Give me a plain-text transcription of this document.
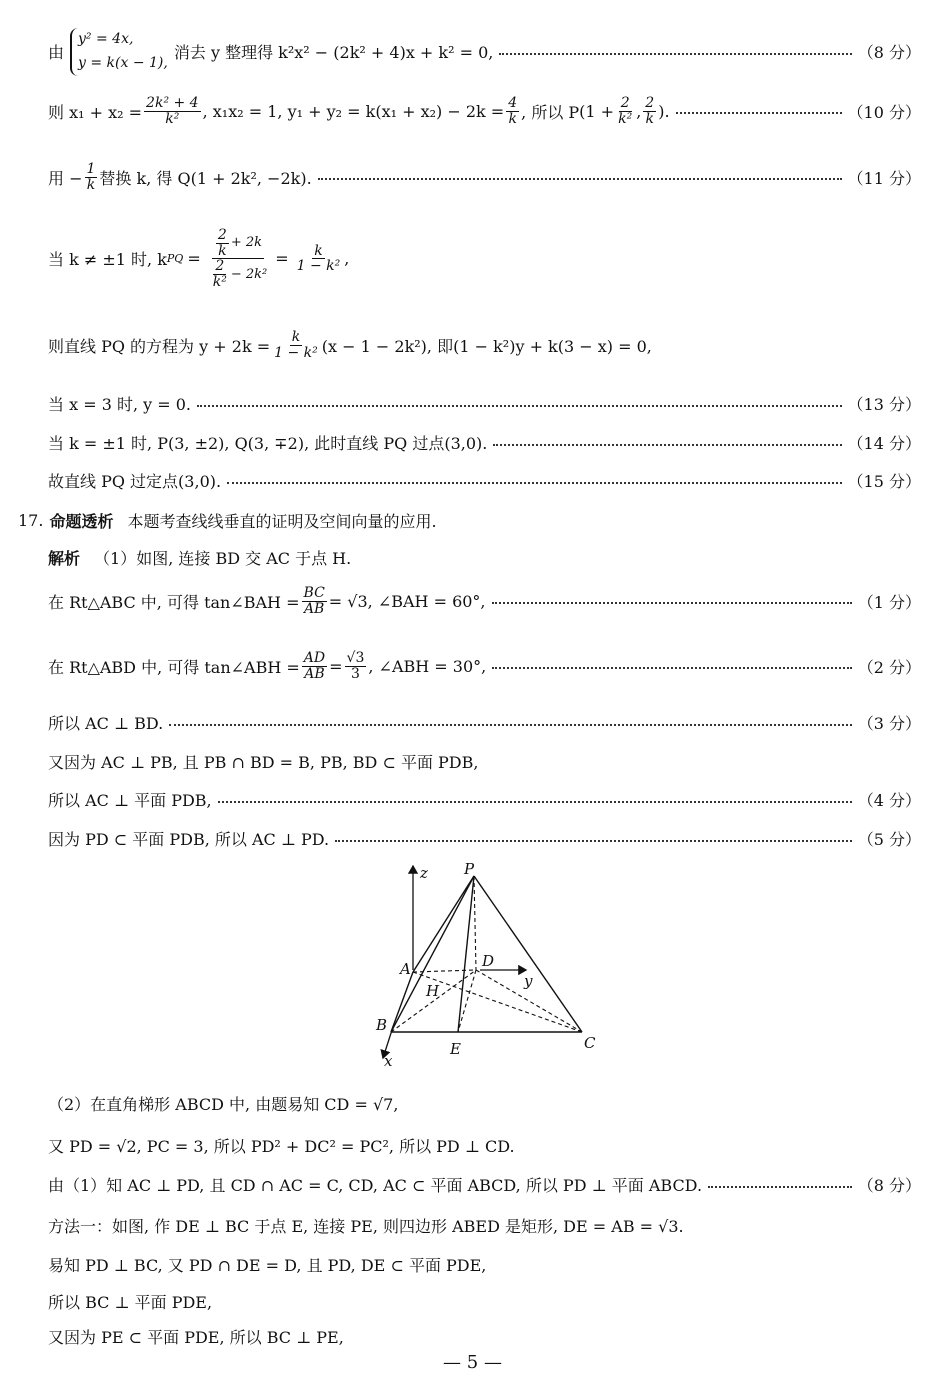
由
y² = 4x,
y = k(x − 1),
消去 y 整理得 k²x² − (2k² + 4)x + k² = 0,	（8 分）
则 $x_1 + x_2 = \frac{\text{2k² + 4}}{\text{k²}}$ , x₁x₂ = 1, $y_1 + y_2 = k(x_1 + x_2) - 2k = \frac{4}{k}$ , 所以 P ($1 + \frac{2}{\text{k²}}$ , $\frac{2}{k}$ ).	（10 分）
用 − $\frac{1}{k}$ 替换 k, 得 Q(1 + 2k², −2k).	（11 分）
当 k ≠ ±1 时, k PQ = $\frac{\frac{2}{k} + 2k}{\frac{2}{\text{k²}} - 2k^2} = \frac{k}{\text{1 − k²}}$ ,
则直线 PQ 的方程为 $y + 2k = \frac{k}{\text{1 − k²}} (x - 1 - 2k^2)$, 即(1 − k²)y + k(3 − x) = 0,
当 x = 3 时, y = 0.	（13 分）
当 k = ±1 时, P(3, ±2), Q(3, ∓2), 此时直线 PQ 过点(3,0).	（14 分）
故直线 PQ 过定点(3,0).	（15 分）
17. 命题透析 本题考查线线垂直的证明及空间向量的应用.
解析 （1）如图, 连接 BD 交 AC 于点 H.
在 Rt△ABC 中, 可得 tan∠BAH = $\frac{BC}{AB} = √3$, ∠BAH = 60°,	（1 分）
在 Rt△ABD 中, 可得 tan∠ABH = $\frac{AD}{AB} = \frac{√3}{3}$ , ∠ABH = 30°,	（2 分）
所以 AC ⊥ BD.	（3 分）
又因为 AC ⊥ PB, 且 PB ∩ BD = B, PB, BD ⊂ 平面 PDB,
所以 AC ⊥ 平面 PDB,	（4 分）
因为 PD ⊂ 平面 PDB, 所以 AC ⊥ PD.	（5 分）
P
z
A	D
y
H
B
E	C
x
（2）在直角梯形 ABCD 中, 由题易知 CD = √7,
又 PD = √2, PC = 3, 所以 PD² + DC² = PC², 所以 PD ⊥ CD.
由（1）知 AC ⊥ PD, 且 CD ∩ AC = C, CD, AC ⊂ 平面 ABCD, 所以 PD ⊥ 平面 ABCD.	（8 分）
方法一：如图, 作 DE ⊥ BC 于点 E, 连接 PE, 则四边形 ABED 是矩形, DE = AB = √3.
易知 PD ⊥ BC, 又 PD ∩ DE = D, 且 PD, DE ⊂ 平面 PDE,
所以 BC ⊥ 平面 PDE,
又因为 PE ⊂ 平面 PDE, 所以 BC ⊥ PE,
— 5 —
